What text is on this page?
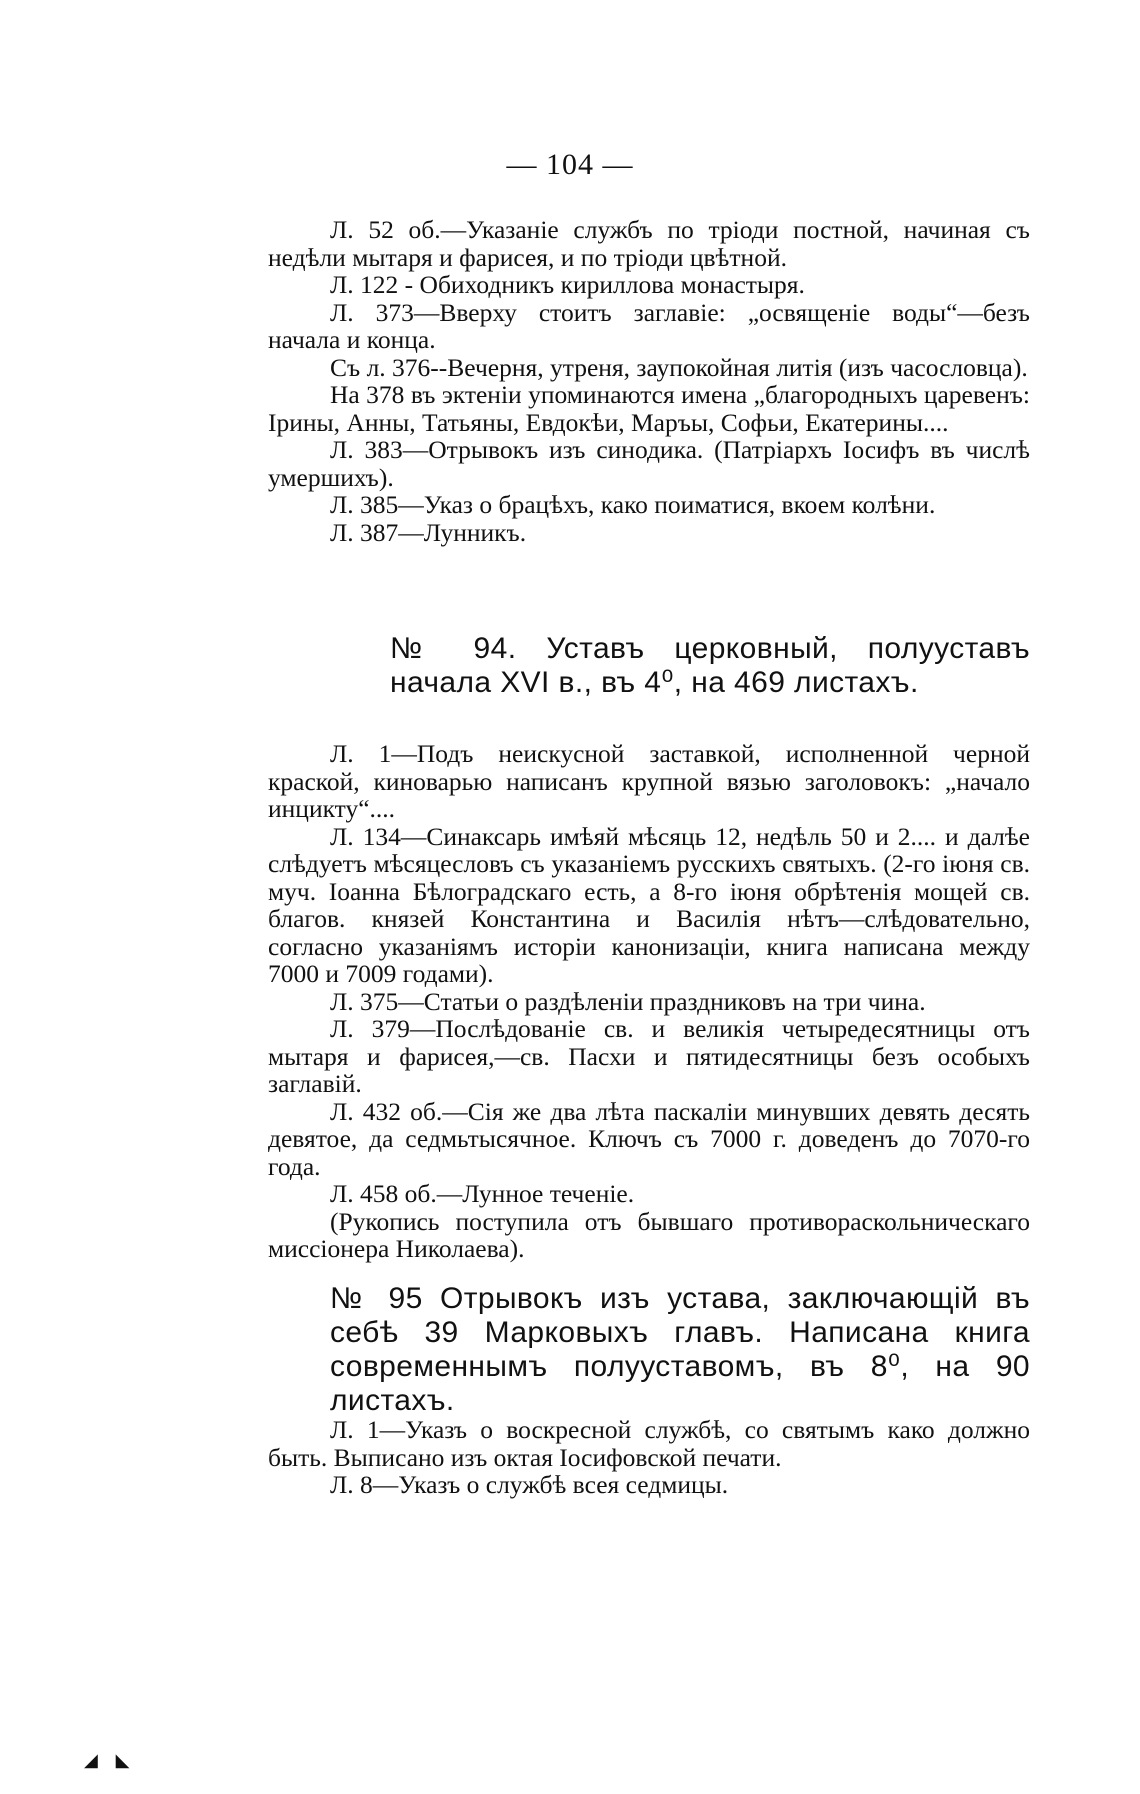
— 104 —

Л. 52 об.—Указаніе службъ по тріоди постной, начиная съ недѣли мытаря и фарисея, и по тріоди цвѣтной.

Л. 122 - Обиходникъ кириллова монастыря.

Л. 373—Вверху стоитъ заглавіе: „освященіе воды“—безъ начала и конца.

Съ л. 376--Вечерня, утреня, заупокойная литія (изъ часословца).

На 378 въ эктеніи упоминаются имена „благородныхъ царевенъ: Ірины, Анны, Татьяны, Евдокѣи, Маръы, Софьи, Екатерины....

Л. 383—Отрывокъ изъ синодика. (Патріархъ Іосифъ въ числѣ умершихъ).

Л. 385—Указ о брацѣхъ, како поиматися, вкоем колѣни.

Л. 387—Лунникъ.

№ 94. Уставъ церковный, полууставъ начала XVI в., въ 4⁰, на 469 листахъ.

Л. 1—Подъ неискусной заставкой, исполненной черной краской, киноварью написанъ крупной вязью заголовокъ: „начало инцикту“....

Л. 134—Синаксарь имѣяй мѣсяць 12, недѣль 50 и 2.... и далѣе слѣдуетъ мѣсяцесловъ съ указаніемъ русскихъ святыхъ. (2-го іюня св. муч. Іоанна Бѣлоградскаго есть, а 8-го іюня обрѣтенія мощей св. благов. князей Константина и Василія нѣтъ—слѣдовательно, согласно указаніямъ исторіи канонизаціи, книга написана между 7000 и 7009 годами).

Л. 375—Статьи о раздѣленіи праздниковъ на три чина.

Л. 379—Послѣдованіе св. и великія четыредесятницы отъ мытаря и фарисея,—св. Пасхи и пятидесятницы безъ особыхъ заглавій.

Л. 432 об.—Сія же два лѣта паскаліи минувших девять десять девятое, да седмьтысячное. Ключъ съ 7000 г. доведенъ до 7070-го года.

Л. 458 об.—Лунное теченіе.

(Рукопись поступила отъ бывшаго противораскольническаго миссіонера Николаева).

№ 95 Отрывокъ изъ устава, заключающій въ себѣ 39 Марковыхъ главъ. Написана книга современнымъ полууставомъ, въ 8⁰, на 90 листахъ.

Л. 1—Указъ о воскресной службѣ, со святымъ како должно быть. Выписано изъ октая Іосифовской печати.

Л. 8—Указъ о службѣ всея седмицы.

◢ ◣
